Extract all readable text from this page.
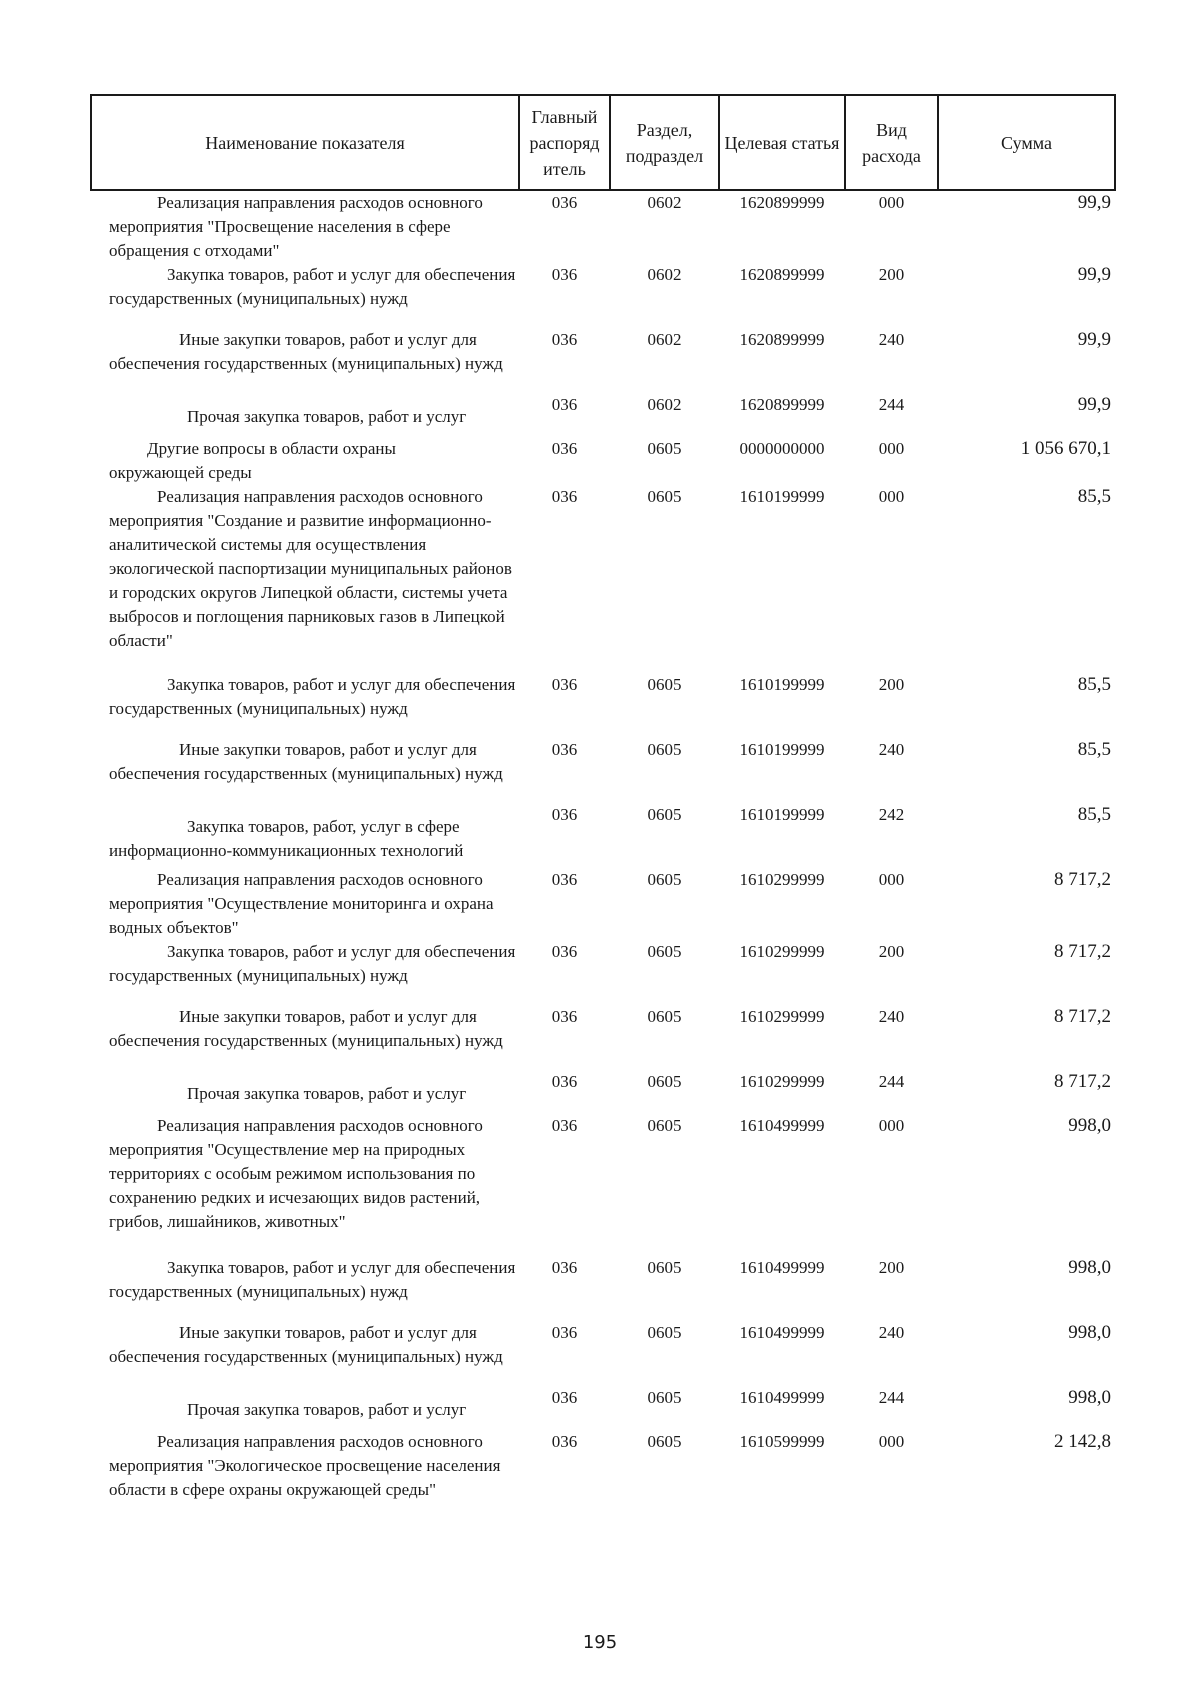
Наименование показателя	Главный распоряд итель	Раздел, подраздел	Целевая статья	Вид расхода	Сумма

Реализация направления расходов основного мероприятия "Просвещение населения в сфере обращения с отходами"	036	0602	1620899999	000	99,9

Закупка товаров, работ и услуг для обеспечения государственных (муниципальных) нужд	036	0602	1620899999	200	99,9

Иные закупки товаров, работ и услуг для обеспечения государственных (муниципальных) нужд	036	0602	1620899999	240	99,9

Прочая закупка товаров, работ и услуг	036	0602	1620899999	244	99,9

Другие вопросы в области охраны окружающей среды	036	0605	0000000000	000	1 056 670,1

Реализация направления расходов основного мероприятия "Создание и развитие информационно-аналитической системы для осуществления экологической паспортизации муниципальных районов и городских округов Липецкой области, системы учета выбросов и поглощения парниковых газов в Липецкой области"	036	0605	1610199999	000	85,5

Закупка товаров, работ и услуг для обеспечения государственных (муниципальных) нужд	036	0605	1610199999	200	85,5

Иные закупки товаров, работ и услуг для обеспечения государственных (муниципальных) нужд	036	0605	1610199999	240	85,5

Закупка товаров, работ, услуг в сфере информационно-коммуникационных технологий	036	0605	1610199999	242	85,5

Реализация направления расходов основного мероприятия "Осуществление мониторинга и охрана водных объектов"	036	0605	1610299999	000	8 717,2

Закупка товаров, работ и услуг для обеспечения государственных (муниципальных) нужд	036	0605	1610299999	200	8 717,2

Иные закупки товаров, работ и услуг для обеспечения государственных (муниципальных) нужд	036	0605	1610299999	240	8 717,2

Прочая закупка товаров, работ и услуг	036	0605	1610299999	244	8 717,2

Реализация направления расходов основного мероприятия "Осуществление мер на природных территориях с особым режимом использования по сохранению редких и исчезающих видов растений, грибов, лишайников, животных"	036	0605	1610499999	000	998,0

Закупка товаров, работ и услуг для обеспечения государственных (муниципальных) нужд	036	0605	1610499999	200	998,0

Иные закупки товаров, работ и услуг для обеспечения государственных (муниципальных) нужд	036	0605	1610499999	240	998,0

Прочая закупка товаров, работ и услуг	036	0605	1610499999	244	998,0

Реализация направления расходов основного мероприятия "Экологическое просвещение населения области в сфере охраны окружающей среды"	036	0605	1610599999	000	2 142,8
195
